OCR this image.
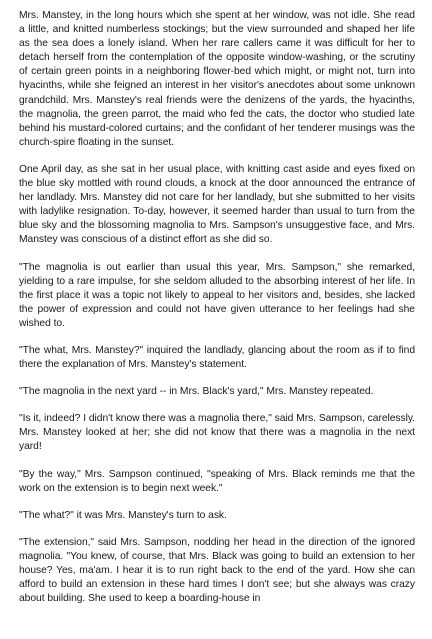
Mrs. Manstey, in the long hours which she spent at her window, was not idle. She read a little, and knitted numberless stockings; but the view surrounded and shaped her life as the sea does a lonely island. When her rare callers came it was difficult for her to detach herself from the contemplation of the opposite window-washing, or the scrutiny of certain green points in a neighboring flower-bed which might, or might not, turn into hyacinths, while she feigned an interest in her visitor's anecdotes about some unknown grandchild. Mrs. Manstey's real friends were the denizens of the yards, the hyacinths, the magnolia, the green parrot, the maid who fed the cats, the doctor who studied late behind his mustard-colored curtains; and the confidant of her tenderer musings was the church-spire floating in the sunset.

One April day, as she sat in her usual place, with knitting cast aside and eyes fixed on the blue sky mottled with round clouds, a knock at the door announced the entrance of her landlady. Mrs. Manstey did not care for her landlady, but she submitted to her visits with ladylike resignation. To-day, however, it seemed harder than usual to turn from the blue sky and the blossoming magnolia to Mrs. Sampson's unsuggestive face, and Mrs. Manstey was conscious of a distinct effort as she did so.

"The magnolia is out earlier than usual this year, Mrs. Sampson," she remarked, yielding to a rare impulse, for she seldom alluded to the absorbing interest of her life. In the first place it was a topic not likely to appeal to her visitors and, besides, she lacked the power of expression and could not have given utterance to her feelings had she wished to.

"The what, Mrs. Manstey?" inquired the landlady, glancing about the room as if to find there the explanation of Mrs. Manstey's statement.

"The magnolia in the next yard -- in Mrs. Black's yard," Mrs. Manstey repeated.

"Is it, indeed? I didn't know there was a magnolia there," said Mrs. Sampson, carelessly. Mrs. Manstey looked at her; she did not know that there was a magnolia in the next yard!

"By the way," Mrs. Sampson continued, "speaking of Mrs. Black reminds me that the work on the extension is to begin next week."

"The what?" it was Mrs. Manstey's turn to ask.

"The extension," said Mrs. Sampson, nodding her head in the direction of the ignored magnolia. "You knew, of course, that Mrs. Black was going to build an extension to her house? Yes, ma'am. I hear it is to run right back to the end of the yard. How she can afford to build an extension in these hard times I don't see; but she always was crazy about building. She used to keep a boarding-house in
